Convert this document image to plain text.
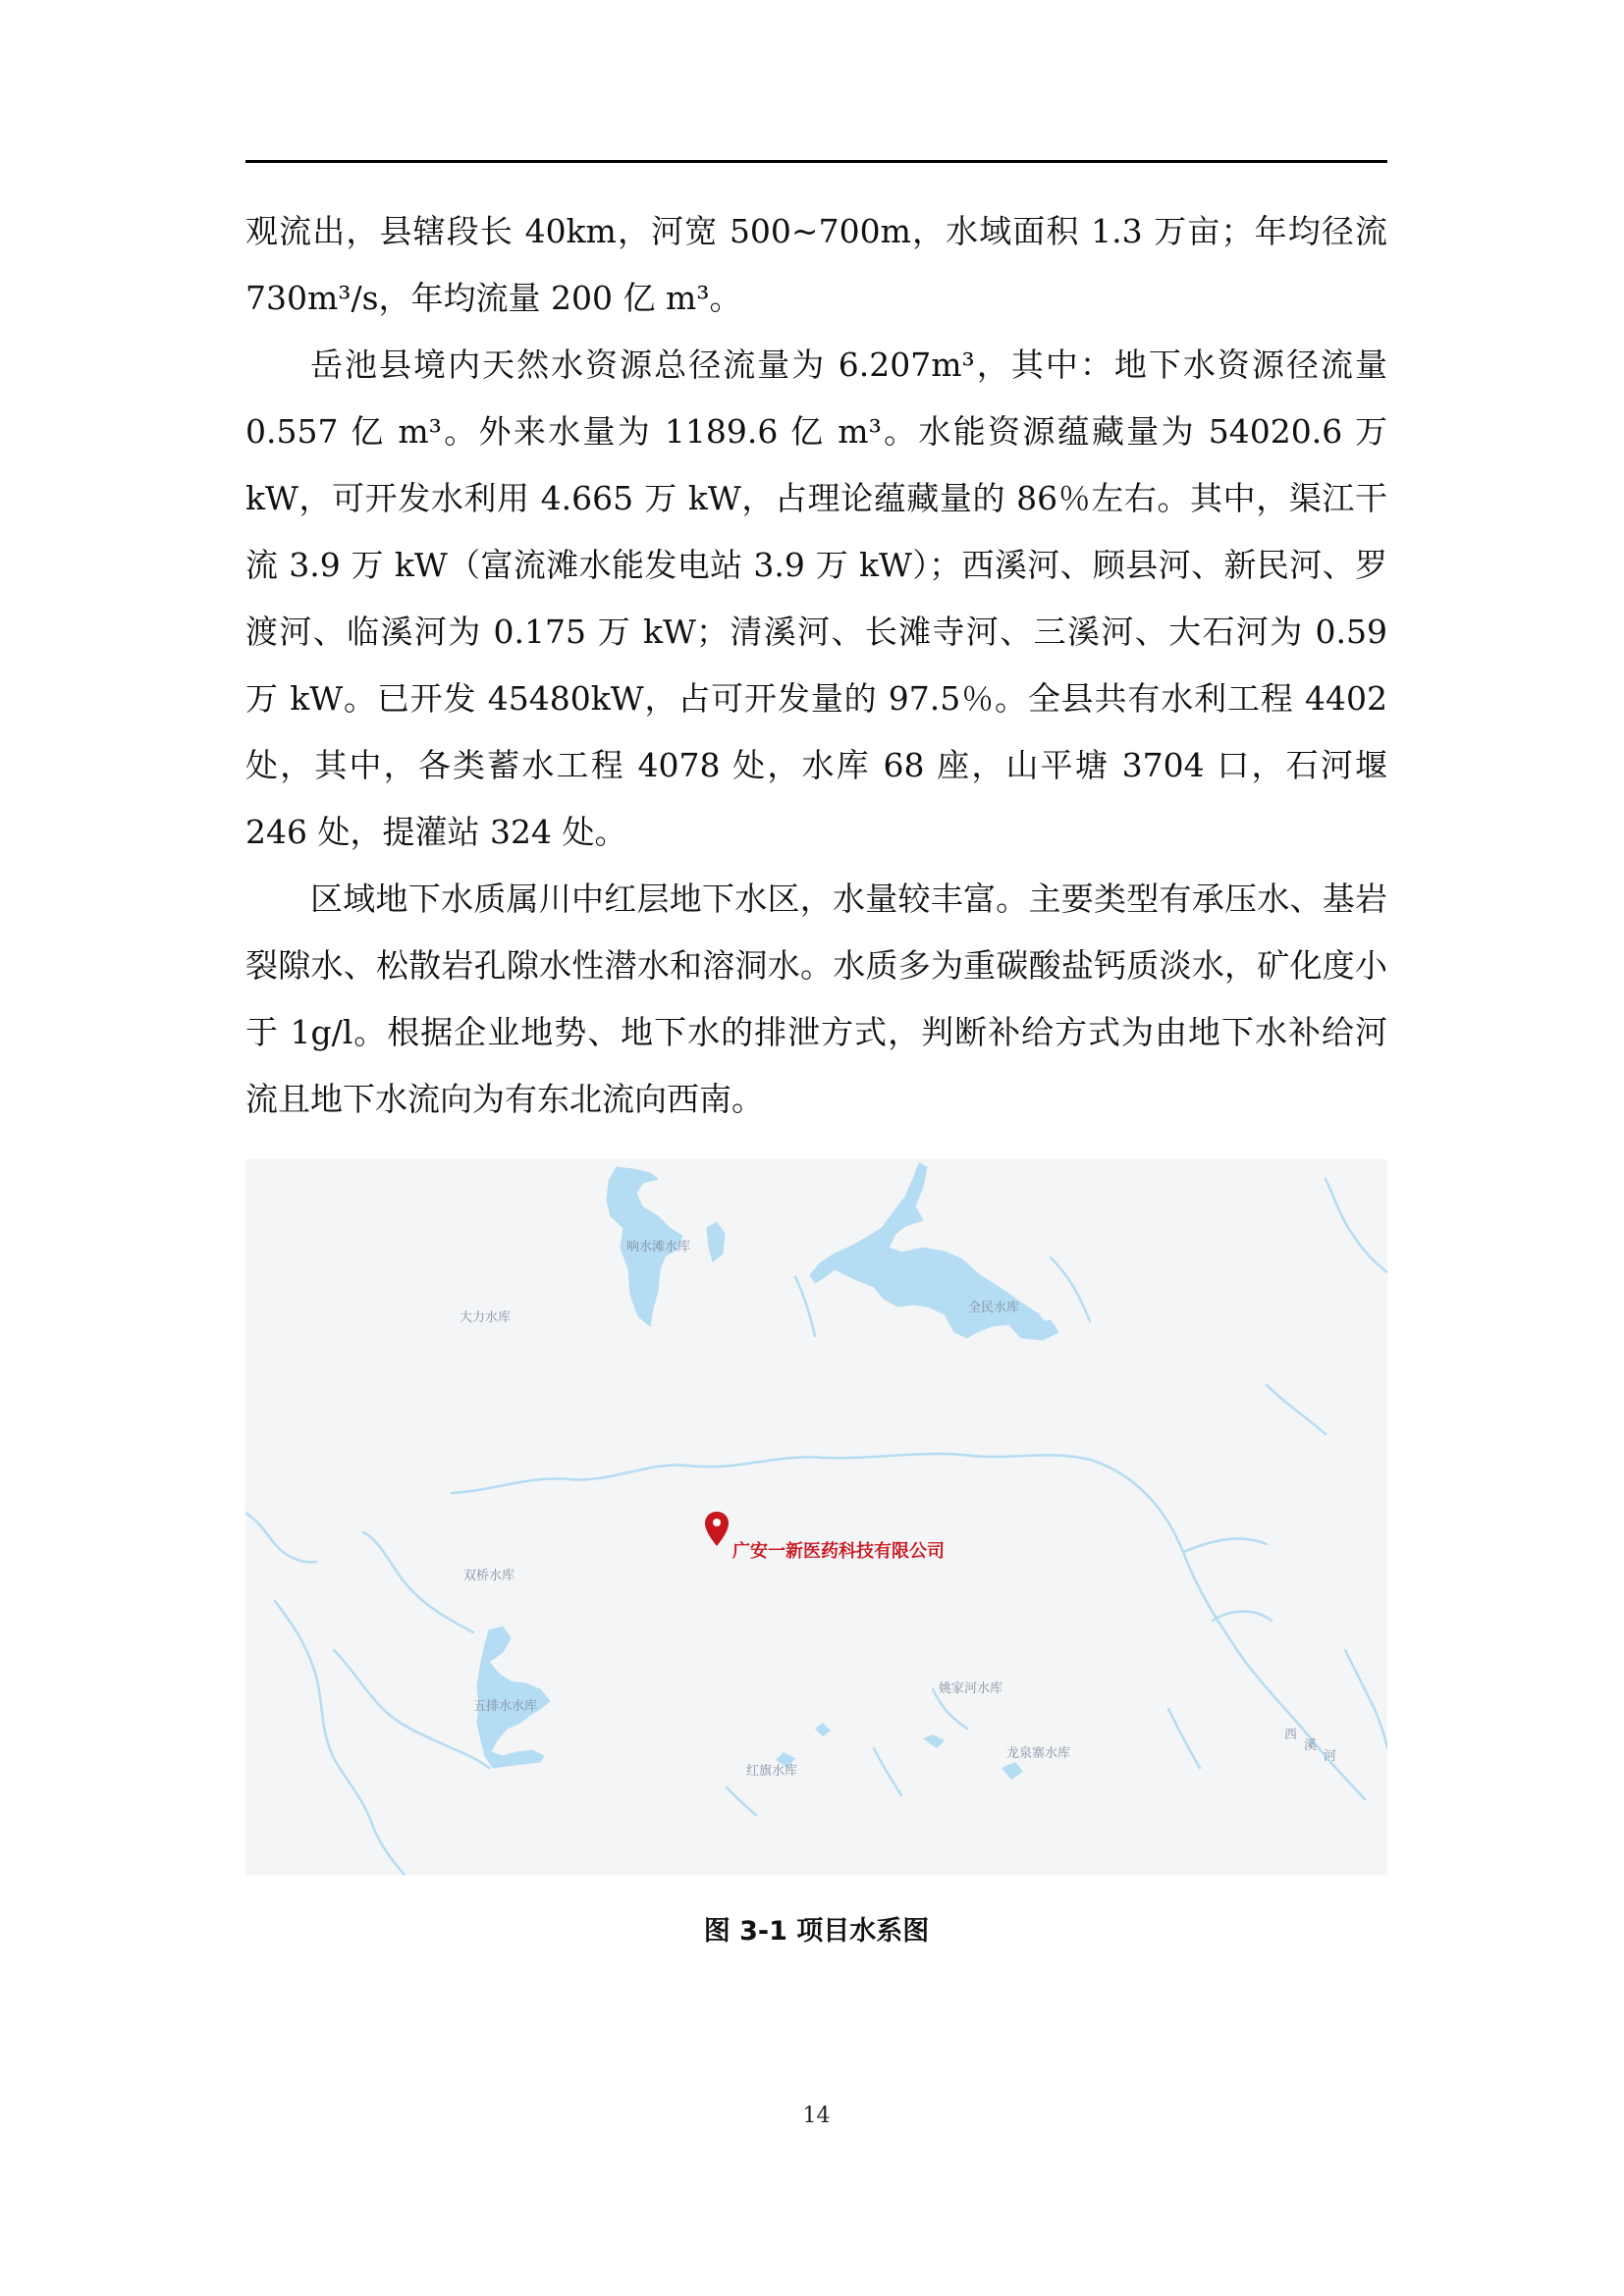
观流出，县辖段长 40km，河宽 500~700m，水域面积 1.3 万亩；年均径流 730m³/s，年均流量 200 亿 m³。

岳池县境内天然水资源总径流量为 6.207m³，其中：地下水资源径流量 0.557 亿 m³。外来水量为 1189.6 亿 m³。水能资源蕴藏量为 54020.6 万 kW，可开发水利用 4.665 万 kW，占理论蕴藏量的 86％左右。其中，渠江干流 3.9 万 kW（富流滩水能发电站 3.9 万 kW）；西溪河、顾县河、新民河、罗渡河、临溪河为 0.175 万 kW；清溪河、长滩寺河、三溪河、大石河为 0.59 万 kW。已开发 45480kW，占可开发量的 97.5％。全县共有水利工程 4402 处，其中，各类蓄水工程 4078 处，水库 68 座，山平塘 3704 口，石河堰 246 处，提灌站 324 处。

区域地下水质属川中红层地下水区，水量较丰富。主要类型有承压水、基岩裂隙水、松散岩孔隙水性潜水和溶洞水。水质多为重碳酸盐钙质淡水，矿化度小于 1g/l。根据企业地势、地下水的排泄方式，判断补给方式为由地下水补给河流且地下水流向为有东北流向西南。

响水滩水库
大力水库
全民水库
双桥水库
五排水水库
姚家河水库
红旗水库
龙泉寨水库
西
溪
河
广安一新医药科技有限公司
图 3-1 项目水系图
14
